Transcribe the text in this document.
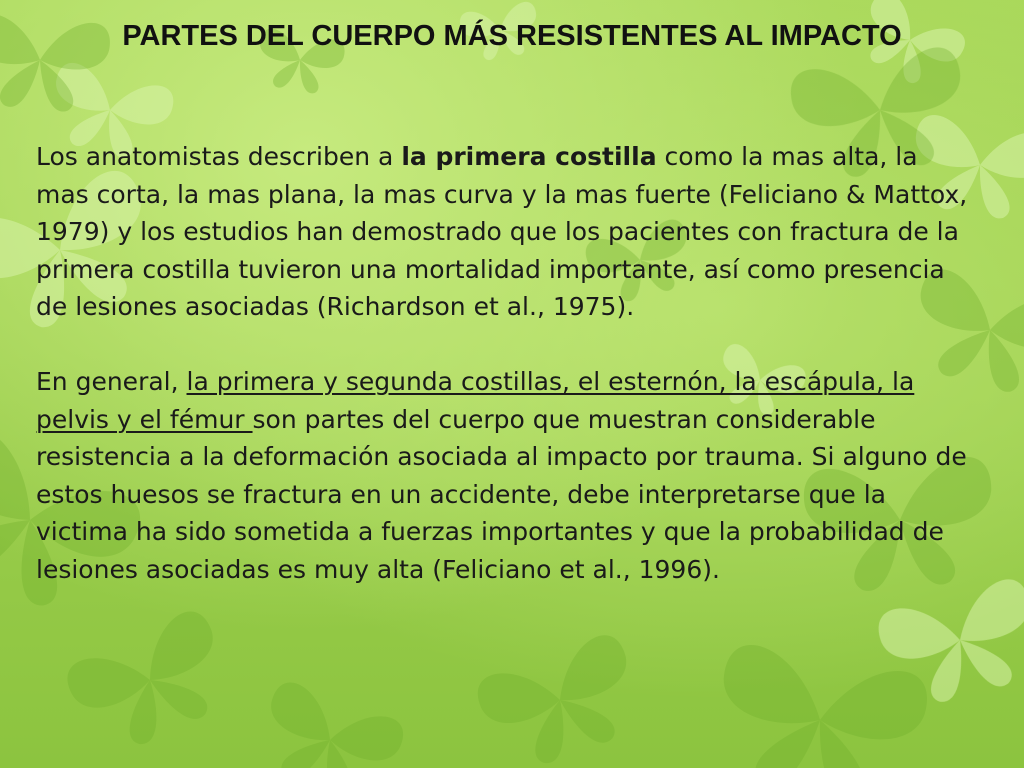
PARTES DEL CUERPO MÁS RESISTENTES AL IMPACTO

Los anatomistas describen a la primera costilla como la mas alta, la mas corta, la mas plana, la mas curva y la mas fuerte (Feliciano & Mattox, 1979) y los estudios han demostrado que los pacientes con fractura de la primera costilla tuvieron una mortalidad importante, así como presencia de lesiones asociadas (Richardson et al., 1975).

En general, la primera y segunda costillas, el esternón, la escápula, la pelvis y el fémur son partes del cuerpo que muestran considerable resistencia a la deformación asociada al impacto por trauma. Si alguno de estos huesos se fractura en un accidente, debe interpretarse que la victima ha sido sometida a fuerzas importantes y que la probabilidad de lesiones asociadas es muy alta (Feliciano et al., 1996).
